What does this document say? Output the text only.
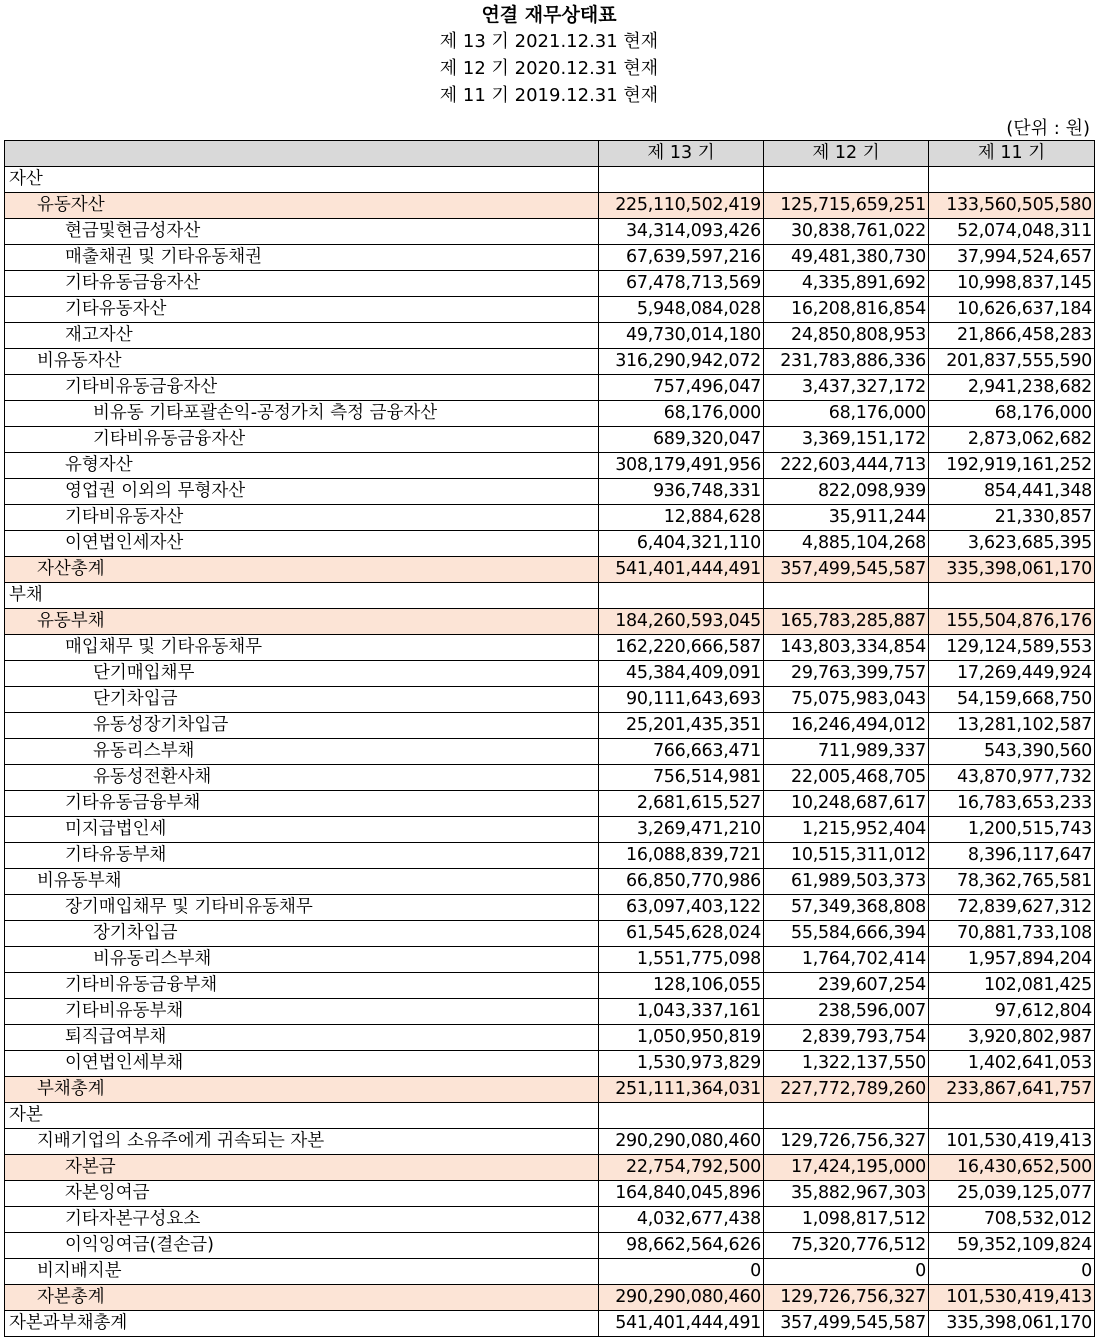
연결 재무상태표
제 13 기 2021.12.31 현재
제 12 기 2020.12.31 현재
제 11 기 2019.12.31 현재
(단위 : 원)
	제 13 기	제 12 기	제 11 기
자산			
유동자산	225,110,502,419	125,715,659,251	133,560,505,580
현금및현금성자산	34,314,093,426	30,838,761,022	52,074,048,311
매출채권 및 기타유동채권	67,639,597,216	49,481,380,730	37,994,524,657
기타유동금융자산	67,478,713,569	4,335,891,692	10,998,837,145
기타유동자산	5,948,084,028	16,208,816,854	10,626,637,184
재고자산	49,730,014,180	24,850,808,953	21,866,458,283
비유동자산	316,290,942,072	231,783,886,336	201,837,555,590
기타비유동금융자산	757,496,047	3,437,327,172	2,941,238,682
비유동 기타포괄손익-공정가치 측정 금융자산	68,176,000	68,176,000	68,176,000
기타비유동금융자산	689,320,047	3,369,151,172	2,873,062,682
유형자산	308,179,491,956	222,603,444,713	192,919,161,252
영업권 이외의 무형자산	936,748,331	822,098,939	854,441,348
기타비유동자산	12,884,628	35,911,244	21,330,857
이연법인세자산	6,404,321,110	4,885,104,268	3,623,685,395
자산총계	541,401,444,491	357,499,545,587	335,398,061,170
부채			
유동부채	184,260,593,045	165,783,285,887	155,504,876,176
매입채무 및 기타유동채무	162,220,666,587	143,803,334,854	129,124,589,553
단기매입채무	45,384,409,091	29,763,399,757	17,269,449,924
단기차입금	90,111,643,693	75,075,983,043	54,159,668,750
유동성장기차입금	25,201,435,351	16,246,494,012	13,281,102,587
유동리스부채	766,663,471	711,989,337	543,390,560
유동성전환사채	756,514,981	22,005,468,705	43,870,977,732
기타유동금융부채	2,681,615,527	10,248,687,617	16,783,653,233
미지급법인세	3,269,471,210	1,215,952,404	1,200,515,743
기타유동부채	16,088,839,721	10,515,311,012	8,396,117,647
비유동부채	66,850,770,986	61,989,503,373	78,362,765,581
장기매입채무 및 기타비유동채무	63,097,403,122	57,349,368,808	72,839,627,312
장기차입금	61,545,628,024	55,584,666,394	70,881,733,108
비유동리스부채	1,551,775,098	1,764,702,414	1,957,894,204
기타비유동금융부채	128,106,055	239,607,254	102,081,425
기타비유동부채	1,043,337,161	238,596,007	97,612,804
퇴직급여부채	1,050,950,819	2,839,793,754	3,920,802,987
이연법인세부채	1,530,973,829	1,322,137,550	1,402,641,053
부채총계	251,111,364,031	227,772,789,260	233,867,641,757
자본			
지배기업의 소유주에게 귀속되는 자본	290,290,080,460	129,726,756,327	101,530,419,413
자본금	22,754,792,500	17,424,195,000	16,430,652,500
자본잉여금	164,840,045,896	35,882,967,303	25,039,125,077
기타자본구성요소	4,032,677,438	1,098,817,512	708,532,012
이익잉여금(결손금)	98,662,564,626	75,320,776,512	59,352,109,824
비지배지분	0	0	0
자본총계	290,290,080,460	129,726,756,327	101,530,419,413
자본과부채총계	541,401,444,491	357,499,545,587	335,398,061,170
